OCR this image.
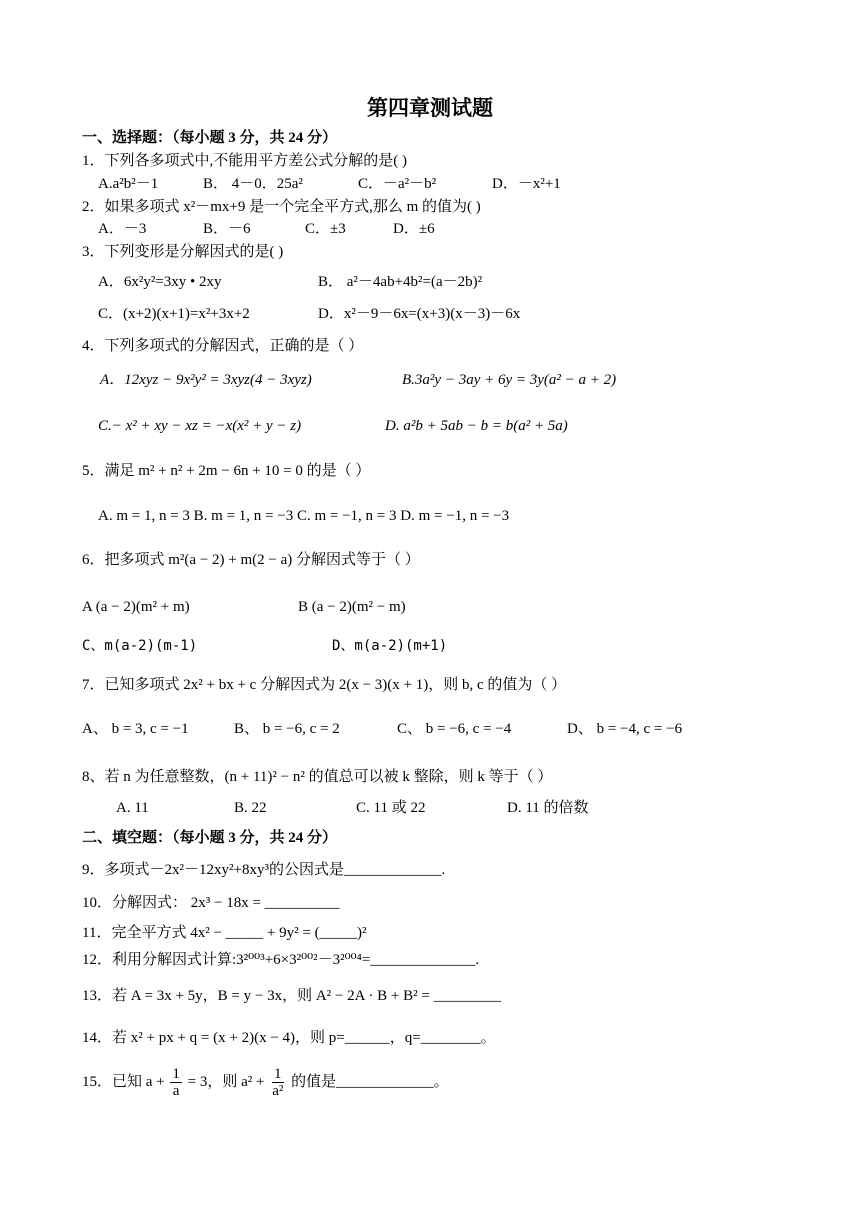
第四章测试题
一、选择题：（每小题 3 分，共 24 分）
1．下列各多项式中,不能用平方差公式分解的是( )
A.a²b²－1	B． 4－0．25a²	C．－a²－b²	D．－x²+1
2．如果多项式 x²－mx+9 是一个完全平方式,那么 m 的值为( )
A．－3	B．－6	C．±3	D．±6
3．下列变形是分解因式的是( )
A．6x²y²=3xy • 2xy	B． a²－4ab+4b²=(a－2b)²
C．(x+2)(x+1)=x²+3x+2	D．x²－9－6x=(x+3)(x－3)－6x
4．下列多项式的分解因式，正确的是（ ）
A．12xyz − 9x²y² = 3xyz(4 − 3xyz)	B.3a²y − 3ay + 6y = 3y(a² − a + 2)
C.− x² + xy − xz = −x(x² + y − z)	D. a²b + 5ab − b = b(a² + 5a)
5．满足 m² + n² + 2m − 6n + 10 = 0 的是（ ）
A. m = 1, n = 3 B. m = 1, n = −3 C. m = −1, n = 3 D. m = −1, n = −3
6．把多项式 m²(a − 2) + m(2 − a) 分解因式等于（ ）
A (a − 2)(m² + m)	B (a − 2)(m² − m)
C、m(a-2)(m-1)	D、m(a-2)(m+1)
7．已知多项式 2x² + bx + c 分解因式为 2(x − 3)(x + 1)，则 b, c 的值为（ ）
A、 b = 3, c = −1	B、 b = −6, c = 2	C、 b = −6, c = −4	D、 b = −4, c = −6
8、若 n 为任意整数，(n + 11)² − n² 的值总可以被 k 整除，则 k 等于（ ）
A. 11	B. 22	C. 11 或 22	D. 11 的倍数
二、填空题：（每小题 3 分，共 24 分）
9．多项式－2x²－12xy²+8xy³的公因式是_____________.
10．分解因式： 2x³ − 18x = __________
11．完全平方式 4x² − _____ + 9y² = (_____)²
12．利用分解因式计算:3²⁰⁰³+6×3²⁰⁰²－3²⁰⁰⁴=______________.
13．若 A = 3x + 5y，B = y − 3x，则 A² − 2A · B + B² = _________
14．若 x² + px + q = (x + 2)(x − 4)，则 p=______，q=________。
15．已知 $a + \frac{1}{a} = 3$，则 $a^2 + \frac{1}{\text{a²}}$ 的值是_____________。
